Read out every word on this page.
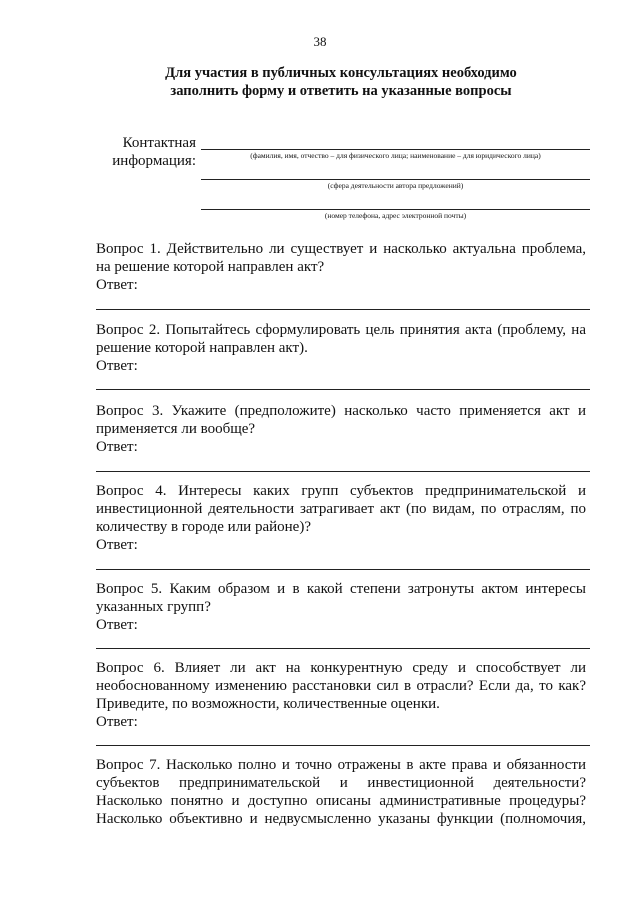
38
Для участия в публичных консультациях необходимо
заполнить форму и ответить на указанные вопросы
Контактная
информация:	(фамилия, имя, отчество – для физического лица; наименование – для юридического лица)
(сфера деятельности автора предложений)
(номер телефона, адрес электронной почты)
Вопрос 1. Действительно ли существует и насколько актуальна проблема,
на решение которой направлен акт?
Ответ:
Вопрос 2. Попытайтесь сформулировать цель принятия акта (проблему, на
решение которой направлен акт).
Ответ:
Вопрос 3. Укажите (предположите) насколько часто применяется акт и
применяется ли вообще?
Ответ:
Вопрос 4. Интересы каких групп субъектов предпринимательской и
инвестиционной деятельности затрагивает акт (по видам, по отраслям, по
количеству в городе или районе)?
Ответ:
Вопрос 5. Каким образом и в какой степени затронуты актом интересы
указанных групп?
Ответ:
Вопрос 6. Влияет ли акт на конкурентную среду и способствует ли
необоснованному изменению расстановки сил в отрасли? Если да, то как?
Приведите, по возможности, количественные оценки.
Ответ:
Вопрос 7. Насколько полно и точно отражены в акте права и обязанности
субъектов предпринимательской и инвестиционной деятельности?
Насколько понятно и доступно описаны административные процедуры?
Насколько объективно и недвусмысленно указаны функции (полномочия,
